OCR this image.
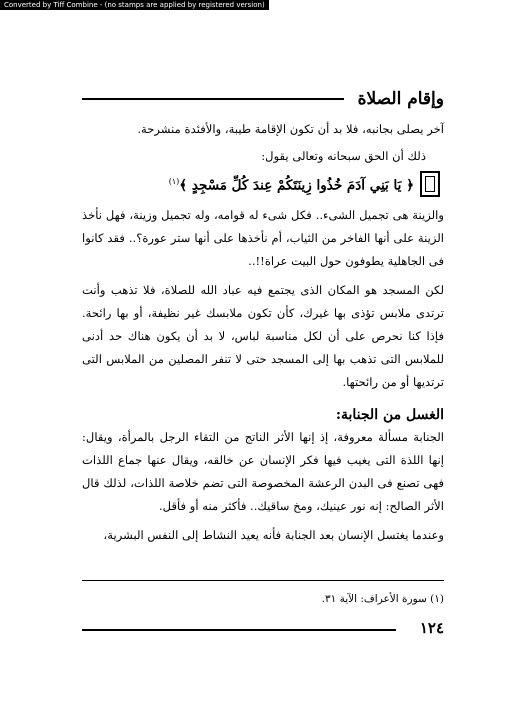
Converted by Tiff Combine - (no stamps are applied by registered version)
وإقام الصلاة

آخر يصلى بجانبه، فلا بد أن تكون الإقامة طيبة، والأفئدة منشرحة.

ذلك أن الحق سبحانه وتعالى يقول:

﴿ يَا بَنِي آدَمَ خُذُوا زِينَتَكُمْ عِندَ كُلِّ مَسْجِدٍ ﴾$^{(١)}$

والزينة هى تجميل الشىء.. فكل شىء له قوامه، وله تجميل وزينة، فهل نأخذ الزينة على أنها الفاخر من الثياب، أم نأخذها على أنها ستر عورة؟.. فقد كانوا فى الجاهلية يطوفون حول البيت عراة!!..

لكن المسجد هو المكان الذى يجتمع فيه عباد الله للصلاة، فلا تذهب وأنت ترتدى ملابس تؤذى بها غيرك، كأن تكون ملابسك غير نظيفة، أو بها رائحة. فإذا كنا نحرص على أن لكل مناسبة لباس، لا بد أن يكون هناك حد أدنى للملابس التى تذهب بها إلى المسجد حتى لا تنفر المصلين من الملابس التى ترتديها أو من رائحتها.

الغسل من الجنابة:

الجنابة مسألة معروفة، إذ إنها الأثر الناتج من التقاء الرجل بالمرأة، ويقال: إنها اللذة التى يغيب فيها فكر الإنسان عن خالقه، ويقال عنها جماع اللذات فهى تصنع فى البدن الرعشة المخصوصة التى تضم خلاصة اللذات، لذلك قال الأثر الصالح: إنه نور عينيك، ومخ ساقيك.. فأكثر منه أو فأقل.

وعندما يغتسل الإنسان بعد الجنابة فأنه يعيد النشاط إلى النفس البشرية،

(١) سورة الأعراف: الآية ٣١.
١٢٤
